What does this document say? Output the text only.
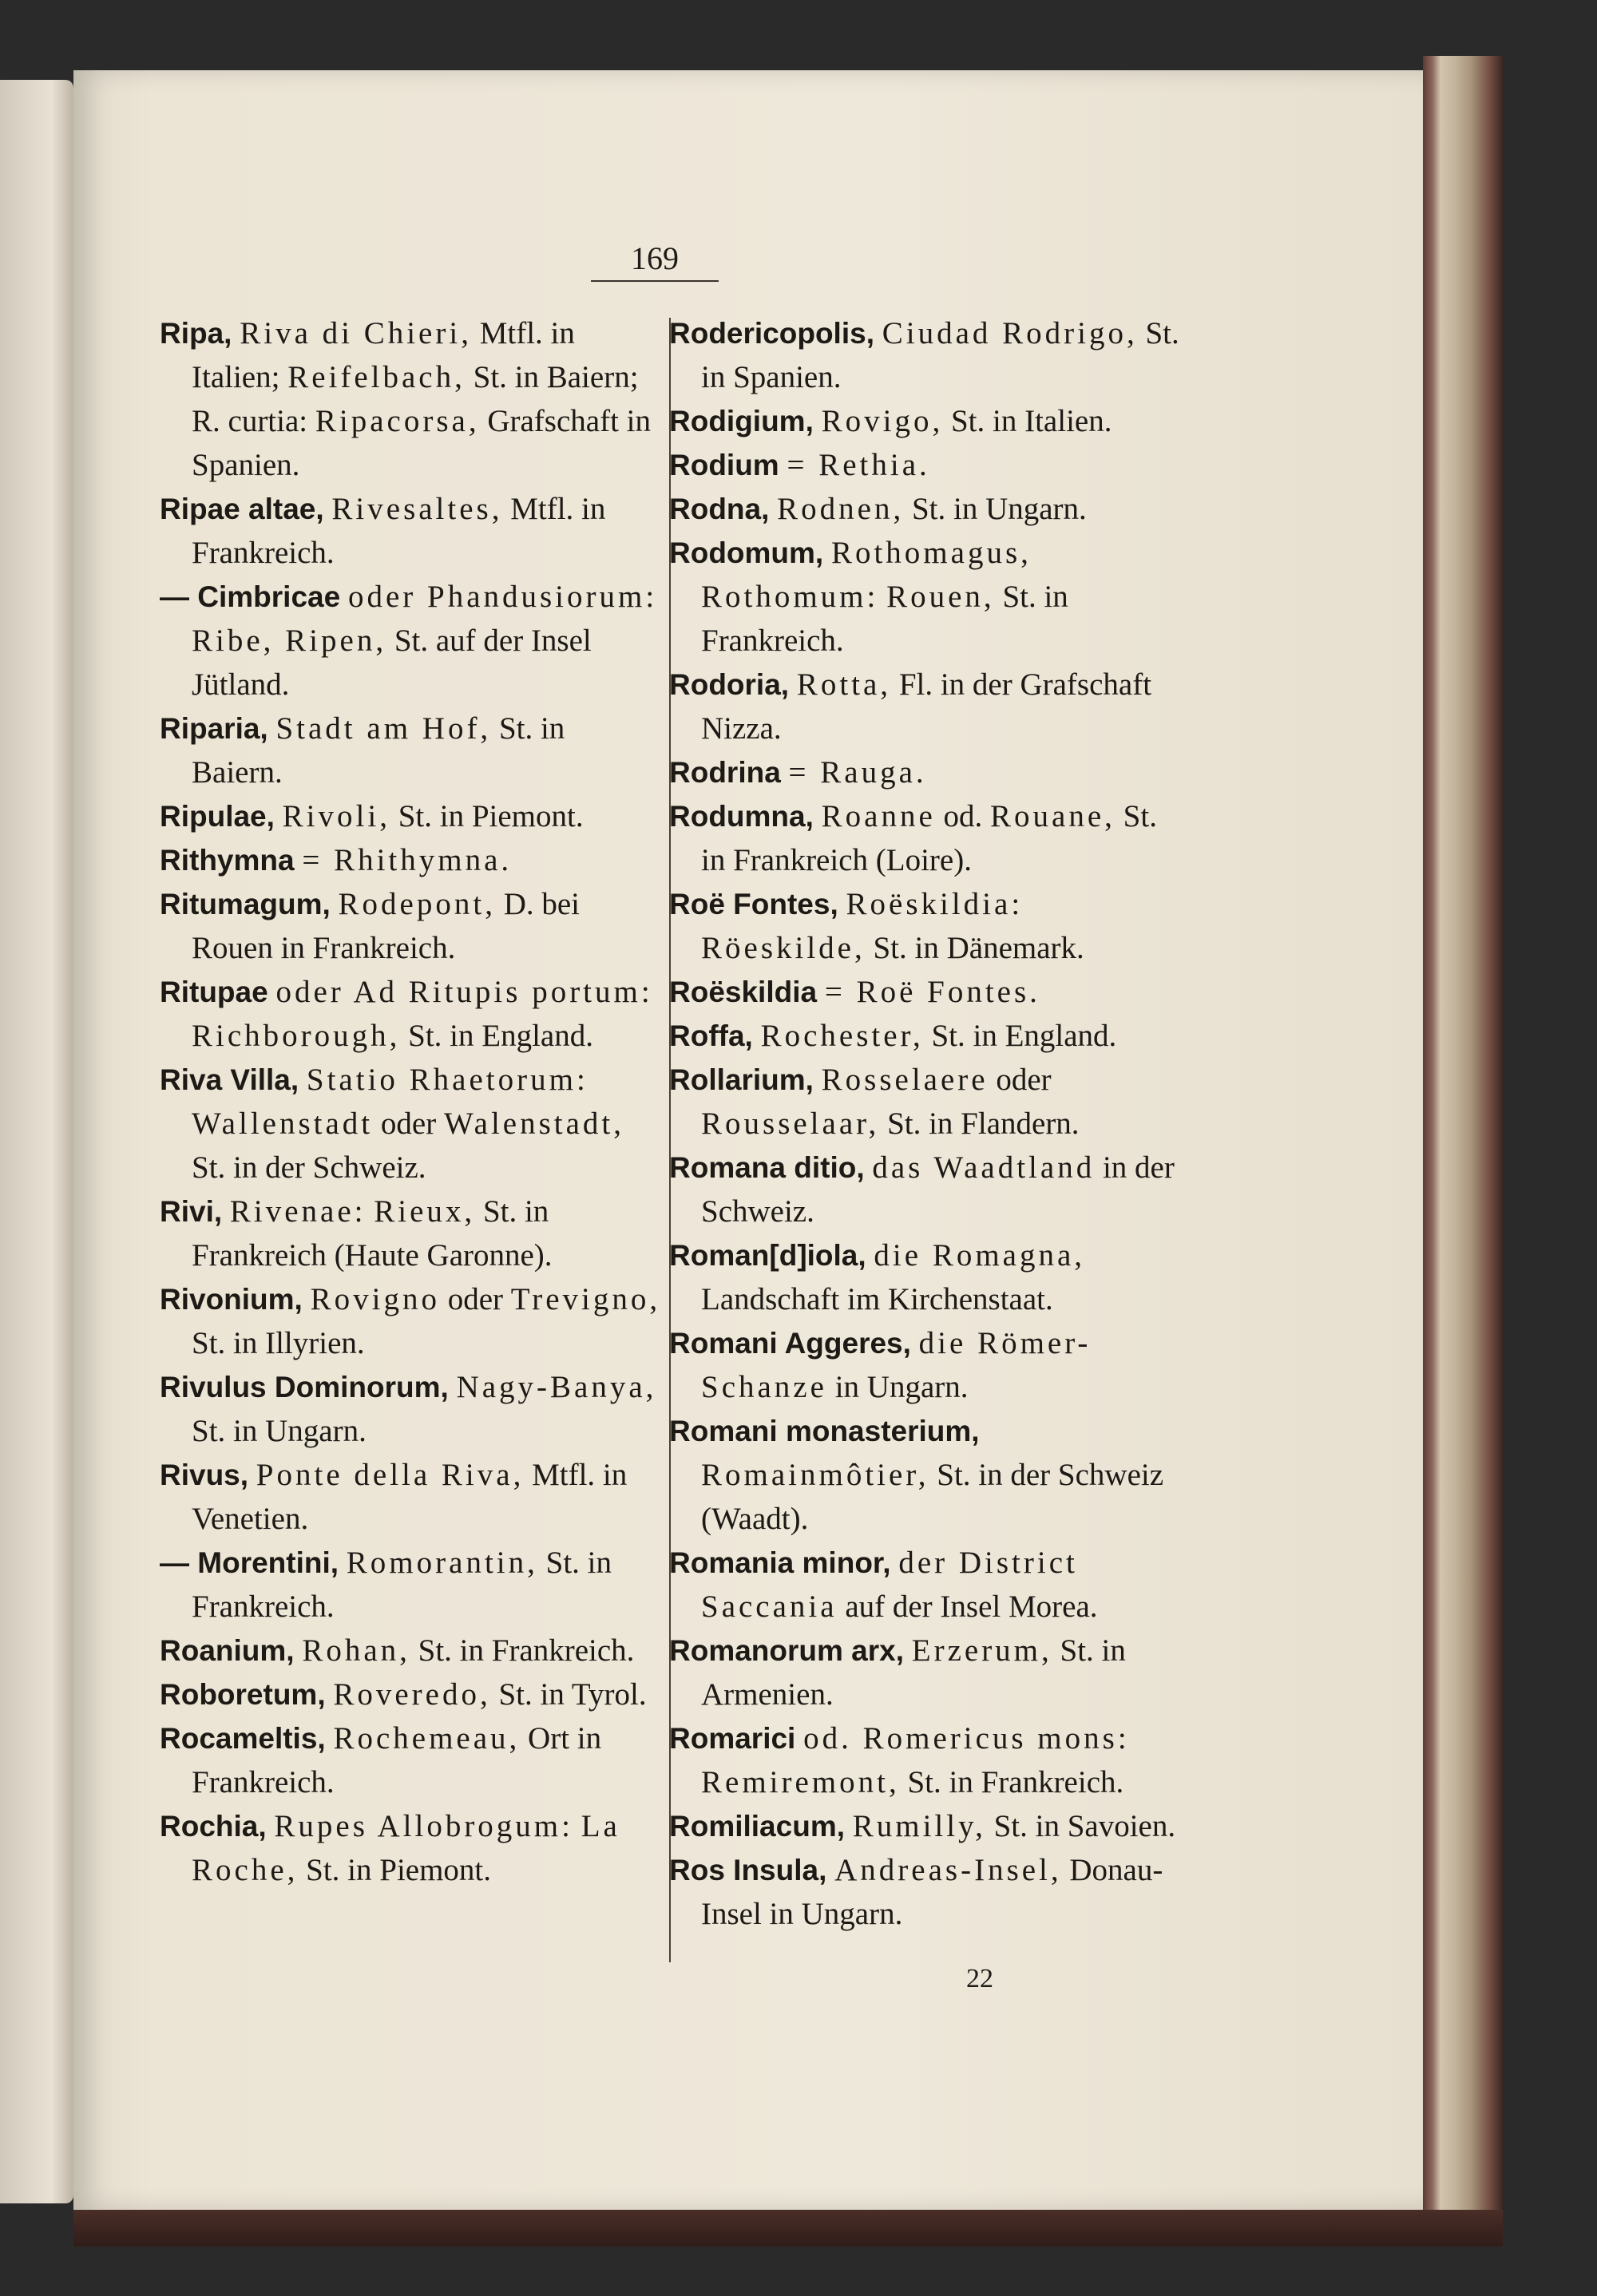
169

Ripa, Riva di Chieri, Mtfl. in Italien; Reifelbach, St. in Baiern; R. curtia: Ripacorsa, Grafschaft in Spanien.

Ripae altae, Rivesaltes, Mtfl. in Frankreich.

— Cimbricae oder Phandusiorum: Ribe, Ripen, St. auf der Insel Jütland.

Riparia, Stadt am Hof, St. in Baiern.

Ripulae, Rivoli, St. in Piemont.

Rithymna = Rhithymna.

Ritumagum, Rodepont, D. bei Rouen in Frankreich.

Ritupae oder Ad Ritupis portum: Richborough, St. in England.

Riva Villa, Statio Rhaetorum: Wallenstadt oder Walenstadt, St. in der Schweiz.

Rivi, Rivenae: Rieux, St. in Frankreich (Haute Garonne).

Rivonium, Rovigno oder Trevigno, St. in Illyrien.

Rivulus Dominorum, Nagy-Banya, St. in Ungarn.

Rivus, Ponte della Riva, Mtfl. in Venetien.

— Morentini, Romorantin, St. in Frankreich.

Roanium, Rohan, St. in Frankreich.

Roboretum, Roveredo, St. in Tyrol.

Rocameltis, Rochemeau, Ort in Frankreich.

Rochia, Rupes Allobrogum: La Roche, St. in Piemont.

Rodericopolis, Ciudad Rodrigo, St. in Spanien.

Rodigium, Rovigo, St. in Italien.

Rodium = Rethia.

Rodna, Rodnen, St. in Ungarn.

Rodomum, Rothomagus, Rothomum: Rouen, St. in Frankreich.

Rodoria, Rotta, Fl. in der Grafschaft Nizza.

Rodrina = Rauga.

Rodumna, Roanne od. Rouane, St. in Frankreich (Loire).

Roë Fontes, Roëskildia: Röeskilde, St. in Dänemark.

Roëskildia = Roë Fontes.

Roffa, Rochester, St. in England.

Rollarium, Rosselaere oder Rousselaar, St. in Flandern.

Romana ditio, das Waadtland in der Schweiz.

Roman[d]iola, die Romagna, Landschaft im Kirchenstaat.

Romani Aggeres, die Römer-Schanze in Ungarn.

Romani monasterium, Romainmôtier, St. in der Schweiz (Waadt).

Romania minor, der District Saccania auf der Insel Morea.

Romanorum arx, Erzerum, St. in Armenien.

Romarici od. Romericus mons: Remiremont, St. in Frankreich.

Romiliacum, Rumilly, St. in Savoien.

Ros Insula, Andreas-Insel, Donau-Insel in Ungarn.

22
